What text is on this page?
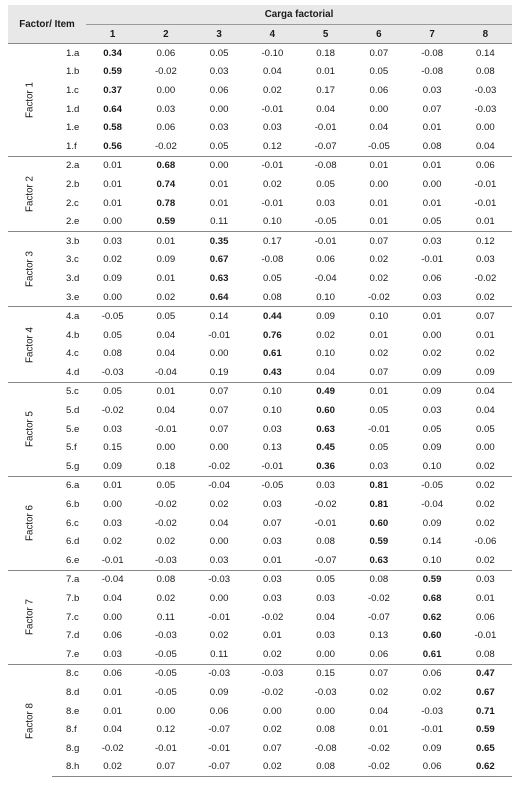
Factor/ Item		Carga factorial							
		1	2	3	4	5	6	7	8

Factor 1	1.a	0.34	0.06	0.05	-0.10	0.18	0.07	-0.08	0.14
	1.b	0.59	-0.02	0.03	0.04	0.01	0.05	-0.08	0.08
	1.c	0.37	0.00	0.06	0.02	0.17	0.06	0.03	-0.03
	1.d	0.64	0.03	0.00	-0.01	0.04	0.00	0.07	-0.03
	1.e	0.58	0.06	0.03	0.03	-0.01	0.04	0.01	0.00
	1.f	0.56	-0.02	0.05	0.12	-0.07	-0.05	0.08	0.04

Factor 2	2.a	0.01	0.68	0.00	-0.01	-0.08	0.01	0.01	0.06
	2.b	0.01	0.74	0.01	0.02	0.05	0.00	0.00	-0.01
	2.c	0.01	0.78	0.01	-0.01	0.03	0.01	0.01	-0.01
	2.e	0.00	0.59	0.11	0.10	-0.05	0.01	0.05	0.01

Factor 3	3.b	0.03	0.01	0.35	0.17	-0.01	0.07	0.03	0.12
	3.c	0.02	0.09	0.67	-0.08	0.06	0.02	-0.01	0.03
	3.d	0.09	0.01	0.63	0.05	-0.04	0.02	0.06	-0.02
	3.e	0.00	0.02	0.64	0.08	0.10	-0.02	0.03	0.02

Factor 4	4.a	-0.05	0.05	0.14	0.44	0.09	0.10	0.01	0.07
	4.b	0.05	0.04	-0.01	0.76	0.02	0.01	0.00	0.01
	4.c	0.08	0.04	0.00	0.61	0.10	0.02	0.02	0.02
	4.d	-0.03	-0.04	0.19	0.43	0.04	0.07	0.09	0.09

Factor 5	5.c	0.05	0.01	0.07	0.10	0.49	0.01	0.09	0.04
	5.d	-0.02	0.04	0.07	0.10	0.60	0.05	0.03	0.04
	5.e	0.03	-0.01	0.07	0.03	0.63	-0.01	0.05	0.05
	5.f	0.15	0.00	0.00	0.13	0.45	0.05	0.09	0.00
	5.g	0.09	0.18	-0.02	-0.01	0.36	0.03	0.10	0.02

Factor 6	6.a	0.01	0.05	-0.04	-0.05	0.03	0.81	-0.05	0.02
	6.b	0.00	-0.02	0.02	0.03	-0.02	0.81	-0.04	0.02
	6.c	0.03	-0.02	0.04	0.07	-0.01	0.60	0.09	0.02
	6.d	0.02	0.02	0.00	0.03	0.08	0.59	0.14	-0.06
	6.e	-0.01	-0.03	0.03	0.01	-0.07	0.63	0.10	0.02

Factor 7	7.a	-0.04	0.08	-0.03	0.03	0.05	0.08	0.59	0.03
	7.b	0.04	0.02	0.00	0.03	0.03	-0.02	0.68	0.01
	7.c	0.00	0.11	-0.01	-0.02	0.04	-0.07	0.62	0.06
	7.d	0.06	-0.03	0.02	0.01	0.03	0.13	0.60	-0.01
	7.e	0.03	-0.05	0.11	0.02	0.00	0.06	0.61	0.08

Factor 8	8.c	0.06	-0.05	-0.03	-0.03	0.15	0.07	0.06	0.47
	8.d	0.01	-0.05	0.09	-0.02	-0.03	0.02	0.02	0.67
	8.e	0.01	0.00	0.06	0.00	0.00	0.04	-0.03	0.71
	8.f	0.04	0.12	-0.07	0.02	0.08	0.01	-0.01	0.59
	8.g	-0.02	-0.01	-0.01	0.07	-0.08	-0.02	0.09	0.65
	8.h	0.02	0.07	-0.07	0.02	0.08	-0.02	0.06	0.62
